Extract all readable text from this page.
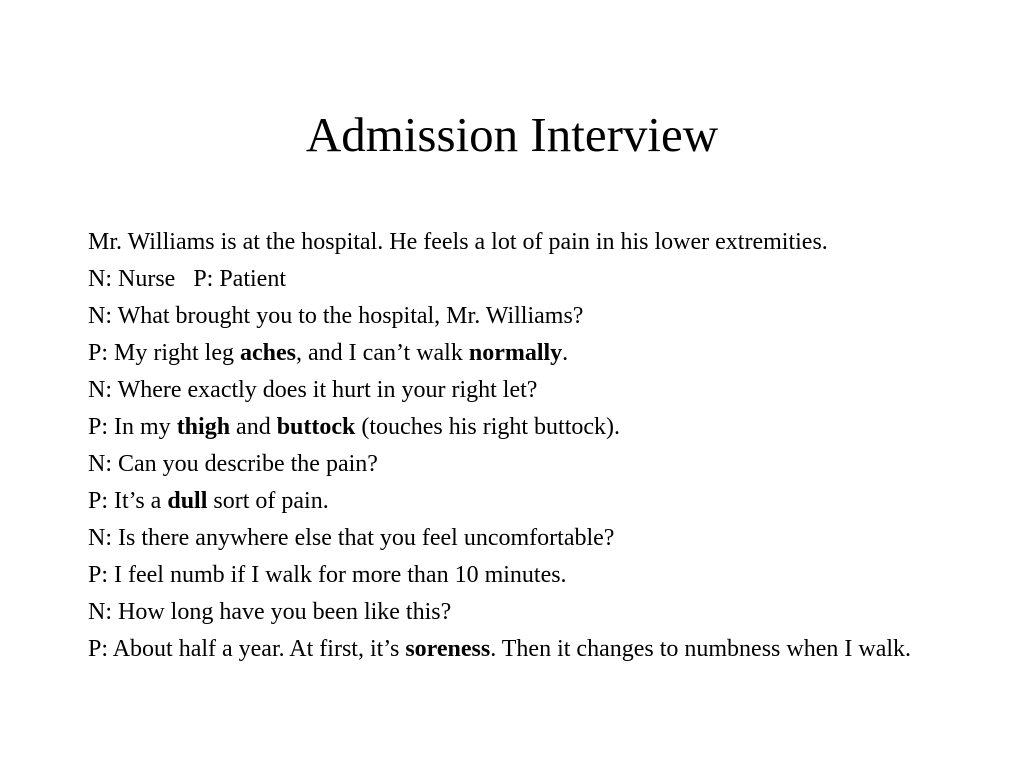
Admission Interview
Mr. Williams is at the hospital. He feels a lot of pain in his lower extremities.
N: Nurse   P: Patient
N: What brought you to the hospital, Mr. Williams?
P: My right leg aches, and I can’t walk normally.
N: Where exactly does it hurt in your right let?
P: In my thigh and buttock (touches his right buttock).
N: Can you describe the pain?
P: It’s a dull sort of pain.
N: Is there anywhere else that you feel uncomfortable?
P: I feel numb if I walk for more than 10 minutes.
N: How long have you been like this?
P: About half a year. At first, it’s soreness. Then it changes to numbness when I walk.
